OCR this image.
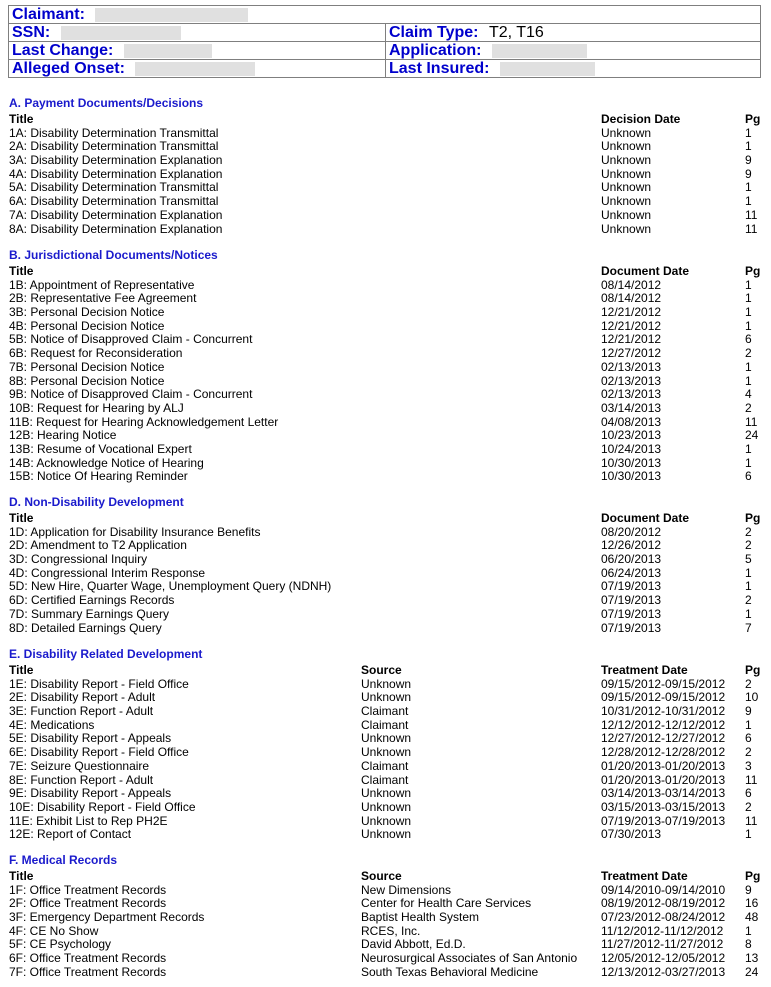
Claimant:	
SSN:	Claim Type: T2, T16
Last Change:	Application:
Alleged Onset:	Last Insured:
A. Payment Documents/Decisions
Title	Decision Date	Pg
1A: Disability Determination Transmittal	Unknown	1
2A: Disability Determination Transmittal	Unknown	1
3A: Disability Determination Explanation	Unknown	9
4A: Disability Determination Explanation	Unknown	9
5A: Disability Determination Transmittal	Unknown	1
6A: Disability Determination Transmittal	Unknown	1
7A: Disability Determination Explanation	Unknown	11
8A: Disability Determination Explanation	Unknown	11
B. Jurisdictional Documents/Notices
Title	Document Date	Pg
1B: Appointment of Representative	08/14/2012	1
2B: Representative Fee Agreement	08/14/2012	1
3B: Personal Decision Notice	12/21/2012	1
4B: Personal Decision Notice	12/21/2012	1
5B: Notice of Disapproved Claim - Concurrent	12/21/2012	6
6B: Request for Reconsideration	12/27/2012	2
7B: Personal Decision Notice	02/13/2013	1
8B: Personal Decision Notice	02/13/2013	1
9B: Notice of Disapproved Claim - Concurrent	02/13/2013	4
10B: Request for Hearing by ALJ	03/14/2013	2
11B: Request for Hearing Acknowledgement Letter	04/08/2013	11
12B: Hearing Notice	10/23/2013	24
13B: Resume of Vocational Expert	10/24/2013	1
14B: Acknowledge Notice of Hearing	10/30/2013	1
15B: Notice Of Hearing Reminder	10/30/2013	6
D. Non-Disability Development
Title	Document Date	Pg
1D: Application for Disability Insurance Benefits	08/20/2012	2
2D: Amendment to T2 Application	12/26/2012	2
3D: Congressional Inquiry	06/20/2013	5
4D: Congressional Interim Response	06/24/2013	1
5D: New Hire, Quarter Wage, Unemployment Query (NDNH)	07/19/2013	1
6D: Certified Earnings Records	07/19/2013	2
7D: Summary Earnings Query	07/19/2013	1
8D: Detailed Earnings Query	07/19/2013	7
E. Disability Related Development
Title	Source	Treatment Date	Pg
1E: Disability Report - Field Office	Unknown	09/15/2012-09/15/2012 2
2E: Disability Report - Adult	Unknown	09/15/2012-09/15/2012 10
3E: Function Report - Adult	Claimant	10/31/2012-10/31/2012 9
4E: Medications	Claimant	12/12/2012-12/12/2012 1
5E: Disability Report - Appeals	Unknown	12/27/2012-12/27/2012 6
6E: Disability Report - Field Office	Unknown	12/28/2012-12/28/2012 2
7E: Seizure Questionnaire	Claimant	01/20/2013-01/20/2013 3
8E: Function Report - Adult	Claimant	01/20/2013-01/20/2013 11
9E: Disability Report - Appeals	Unknown	03/14/2013-03/14/2013 6
10E: Disability Report - Field Office	Unknown	03/15/2013-03/15/2013 2
11E: Exhibit List to Rep PH2E	Unknown	07/19/2013-07/19/2013 11
12E: Report of Contact	Unknown	07/30/2013	1
F. Medical Records
Title	Source	Treatment Date	Pg
1F: Office Treatment Records	New Dimensions	09/14/2010-09/14/2010 9
2F: Office Treatment Records	Center for Health Care Services	08/19/2012-08/19/2012 16
3F: Emergency Department Records	Baptist Health System	07/23/2012-08/24/2012 48
4F: CE No Show	RCES, Inc.	11/12/2012-11/12/2012 1
5F: CE Psychology	David Abbott, Ed.D.	11/27/2012-11/27/2012 8
6F: Office Treatment Records	Neurosurgical Associates of San Antonio 12/05/2012-12/05/2012 13
7F: Office Treatment Records	South Texas Behavioral Medicine	12/13/2012-03/27/2013 24
